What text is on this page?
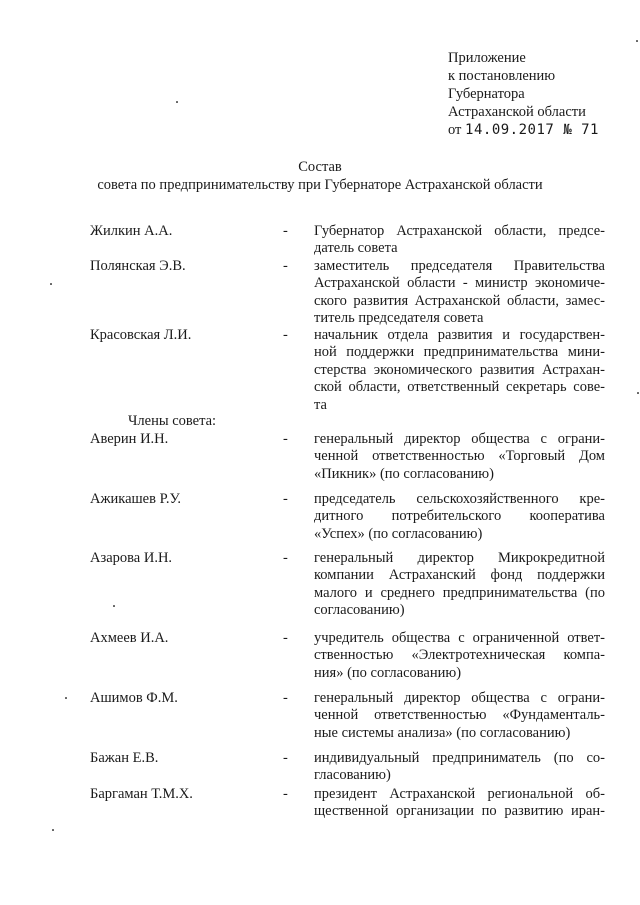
Приложение
к постановлению
Губернатора
Астраханской области
от 14.09.2017 № 71
Состав
совета по предпринимательству при Губернаторе Астраханской области
Жилкин А.А.	- Губернатор Астраханской области, предсе-
датель совета
Полянская Э.В.	- заместитель председателя Правительства
Астраханской области - министр экономиче-
ского развития Астраханской области, замес-
титель председателя совета
Красовская Л.И.	- начальник отдела развития и государствен-
ной поддержки предпринимательства мини-
стерства экономического развития Астрахан-
ской области, ответственный секретарь сове-
та
Члены совета:
Аверин И.Н.	- генеральный директор общества с ограни-
ченной ответственностью «Торговый Дом
«Пикник» (по согласованию)
Ажикашев Р.У.	- председатель сельскохозяйственного кре-
дитного потребительского кооператива
«Успех» (по согласованию)
Азарова И.Н.	- генеральный директор Микрокредитной
компании Астраханский фонд поддержки
малого и среднего предпринимательства (по
согласованию)
Ахмеев И.А.	- учредитель общества с ограниченной ответ-
ственностью «Электротехническая компа-
ния» (по согласованию)
Ашимов Ф.М.	- генеральный директор общества с ограни-
ченной ответственностью «Фундаменталь-
ные системы анализа» (по согласованию)
Бажан Е.В.	- индивидуальный предприниматель (по со-
гласованию)
Баргаман Т.М.Х.	- президент Астраханской региональной об-
щественной организации по развитию иран-
